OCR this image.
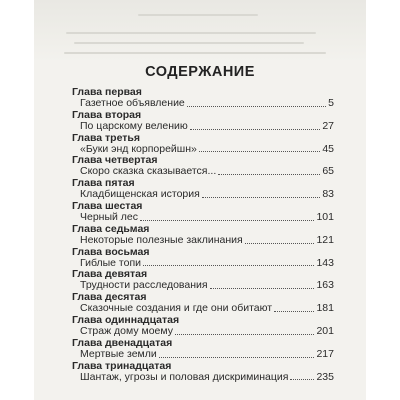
СОДЕРЖАНИЕ
Глава первая
Газетное объявление	5
Глава вторая
По царскому велению	27
Глава третья
«Буки энд корпорейшн»	45
Глава четвертая
Скоро сказка сказывается...	65
Глава пятая
Кладбищенская история	83
Глава шестая
Черный лес	101
Глава седьмая
Некоторые полезные заклинания	121
Глава восьмая
Гиблые топи	143
Глава девятая
Трудности расследования	163
Глава десятая
Сказочные создания и где они обитают	181
Глава одиннадцатая
Страж дому моему	201
Глава двенадцатая
Мертвые земли	217
Глава тринадцатая
Шантаж, угрозы и половая дискриминация	235
